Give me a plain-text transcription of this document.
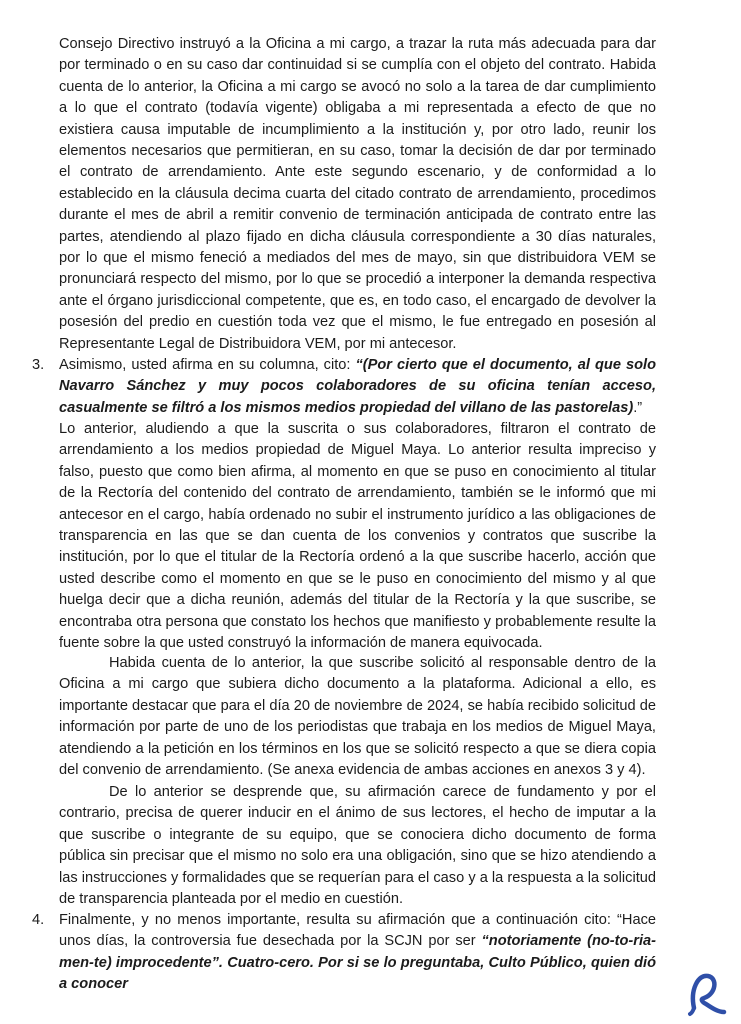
Consejo Directivo instruyó a la Oficina a mi cargo, a trazar la ruta más adecuada para dar por terminado o en su caso dar continuidad si se cumplía con el objeto del contrato. Habida cuenta de lo anterior, la Oficina a mi cargo se avocó no solo a la tarea de dar cumplimiento a lo que el contrato (todavía vigente) obligaba a mi representada a efecto de que no existiera causa imputable de incumplimiento a la institución y, por otro lado, reunir los elementos necesarios que permitieran, en su caso, tomar la decisión de dar por terminado el contrato de arrendamiento. Ante este segundo escenario, y de conformidad a lo establecido en la cláusula decima cuarta del citado contrato de arrendamiento, procedimos durante el mes de abril a remitir convenio de terminación anticipada de contrato entre las partes, atendiendo al plazo fijado en dicha cláusula correspondiente a 30 días naturales, por lo que el mismo feneció a mediados del mes de mayo, sin que distribuidora VEM se pronunciará respecto del mismo, por lo que se procedió a interponer la demanda respectiva ante el órgano jurisdiccional competente, que es, en todo caso, el encargado de devolver la posesión del predio en cuestión toda vez que el mismo, le fue entregado en posesión al Representante Legal de Distribuidora VEM, por mi antecesor.

3. Asimismo, usted afirma en su columna, cito: “(Por cierto que el documento, al que solo Navarro Sánchez y muy pocos colaboradores de su oficina tenían acceso, casualmente se filtró a los mismos medios propiedad del villano de las pastorelas).”

Lo anterior, aludiendo a que la suscrita o sus colaboradores, filtraron el contrato de arrendamiento a los medios propiedad de Miguel Maya. Lo anterior resulta impreciso y falso, puesto que como bien afirma, al momento en que se puso en conocimiento al titular de la Rectoría del contenido del contrato de arrendamiento, también se le informó que mi antecesor en el cargo, había ordenado no subir el instrumento jurídico a las obligaciones de transparencia en las que se dan cuenta de los convenios y contratos que suscribe la institución, por lo que el titular de la Rectoría ordenó a la que suscribe hacerlo, acción que usted describe como el momento en que se le puso en conocimiento del mismo y al que huelga decir que a dicha reunión, además del titular de la Rectoría y la que suscribe, se encontraba otra persona que constato los hechos que manifiesto y probablemente resulte la fuente sobre la que usted construyó la información de manera equivocada.

Habida cuenta de lo anterior, la que suscribe solicitó al responsable dentro de la Oficina a mi cargo que subiera dicho documento a la plataforma. Adicional a ello, es importante destacar que para el día 20 de noviembre de 2024, se había recibido solicitud de información por parte de uno de los periodistas que trabaja en los medios de Miguel Maya, atendiendo a la petición en los términos en los que se solicitó respecto a que se diera copia del convenio de arrendamiento. (Se anexa evidencia de ambas acciones en anexos 3 y 4).

De lo anterior se desprende que, su afirmación carece de fundamento y por el contrario, precisa de querer inducir en el ánimo de sus lectores, el hecho de imputar a la que suscribe o integrante de su equipo, que se conociera dicho documento de forma pública sin precisar que el mismo no solo era una obligación, sino que se hizo atendiendo a las instrucciones y formalidades que se requerían para el caso y a la respuesta a la solicitud de transparencia planteada por el medio en cuestión.

4. Finalmente, y no menos importante, resulta su afirmación que a continuación cito: “Hace unos días, la controversia fue desechada por la SCJN por ser “notoriamente (no-to-ria-men-te) improcedente”. Cuatro-cero. Por si se lo preguntaba, Culto Público, quien dió a conocer
